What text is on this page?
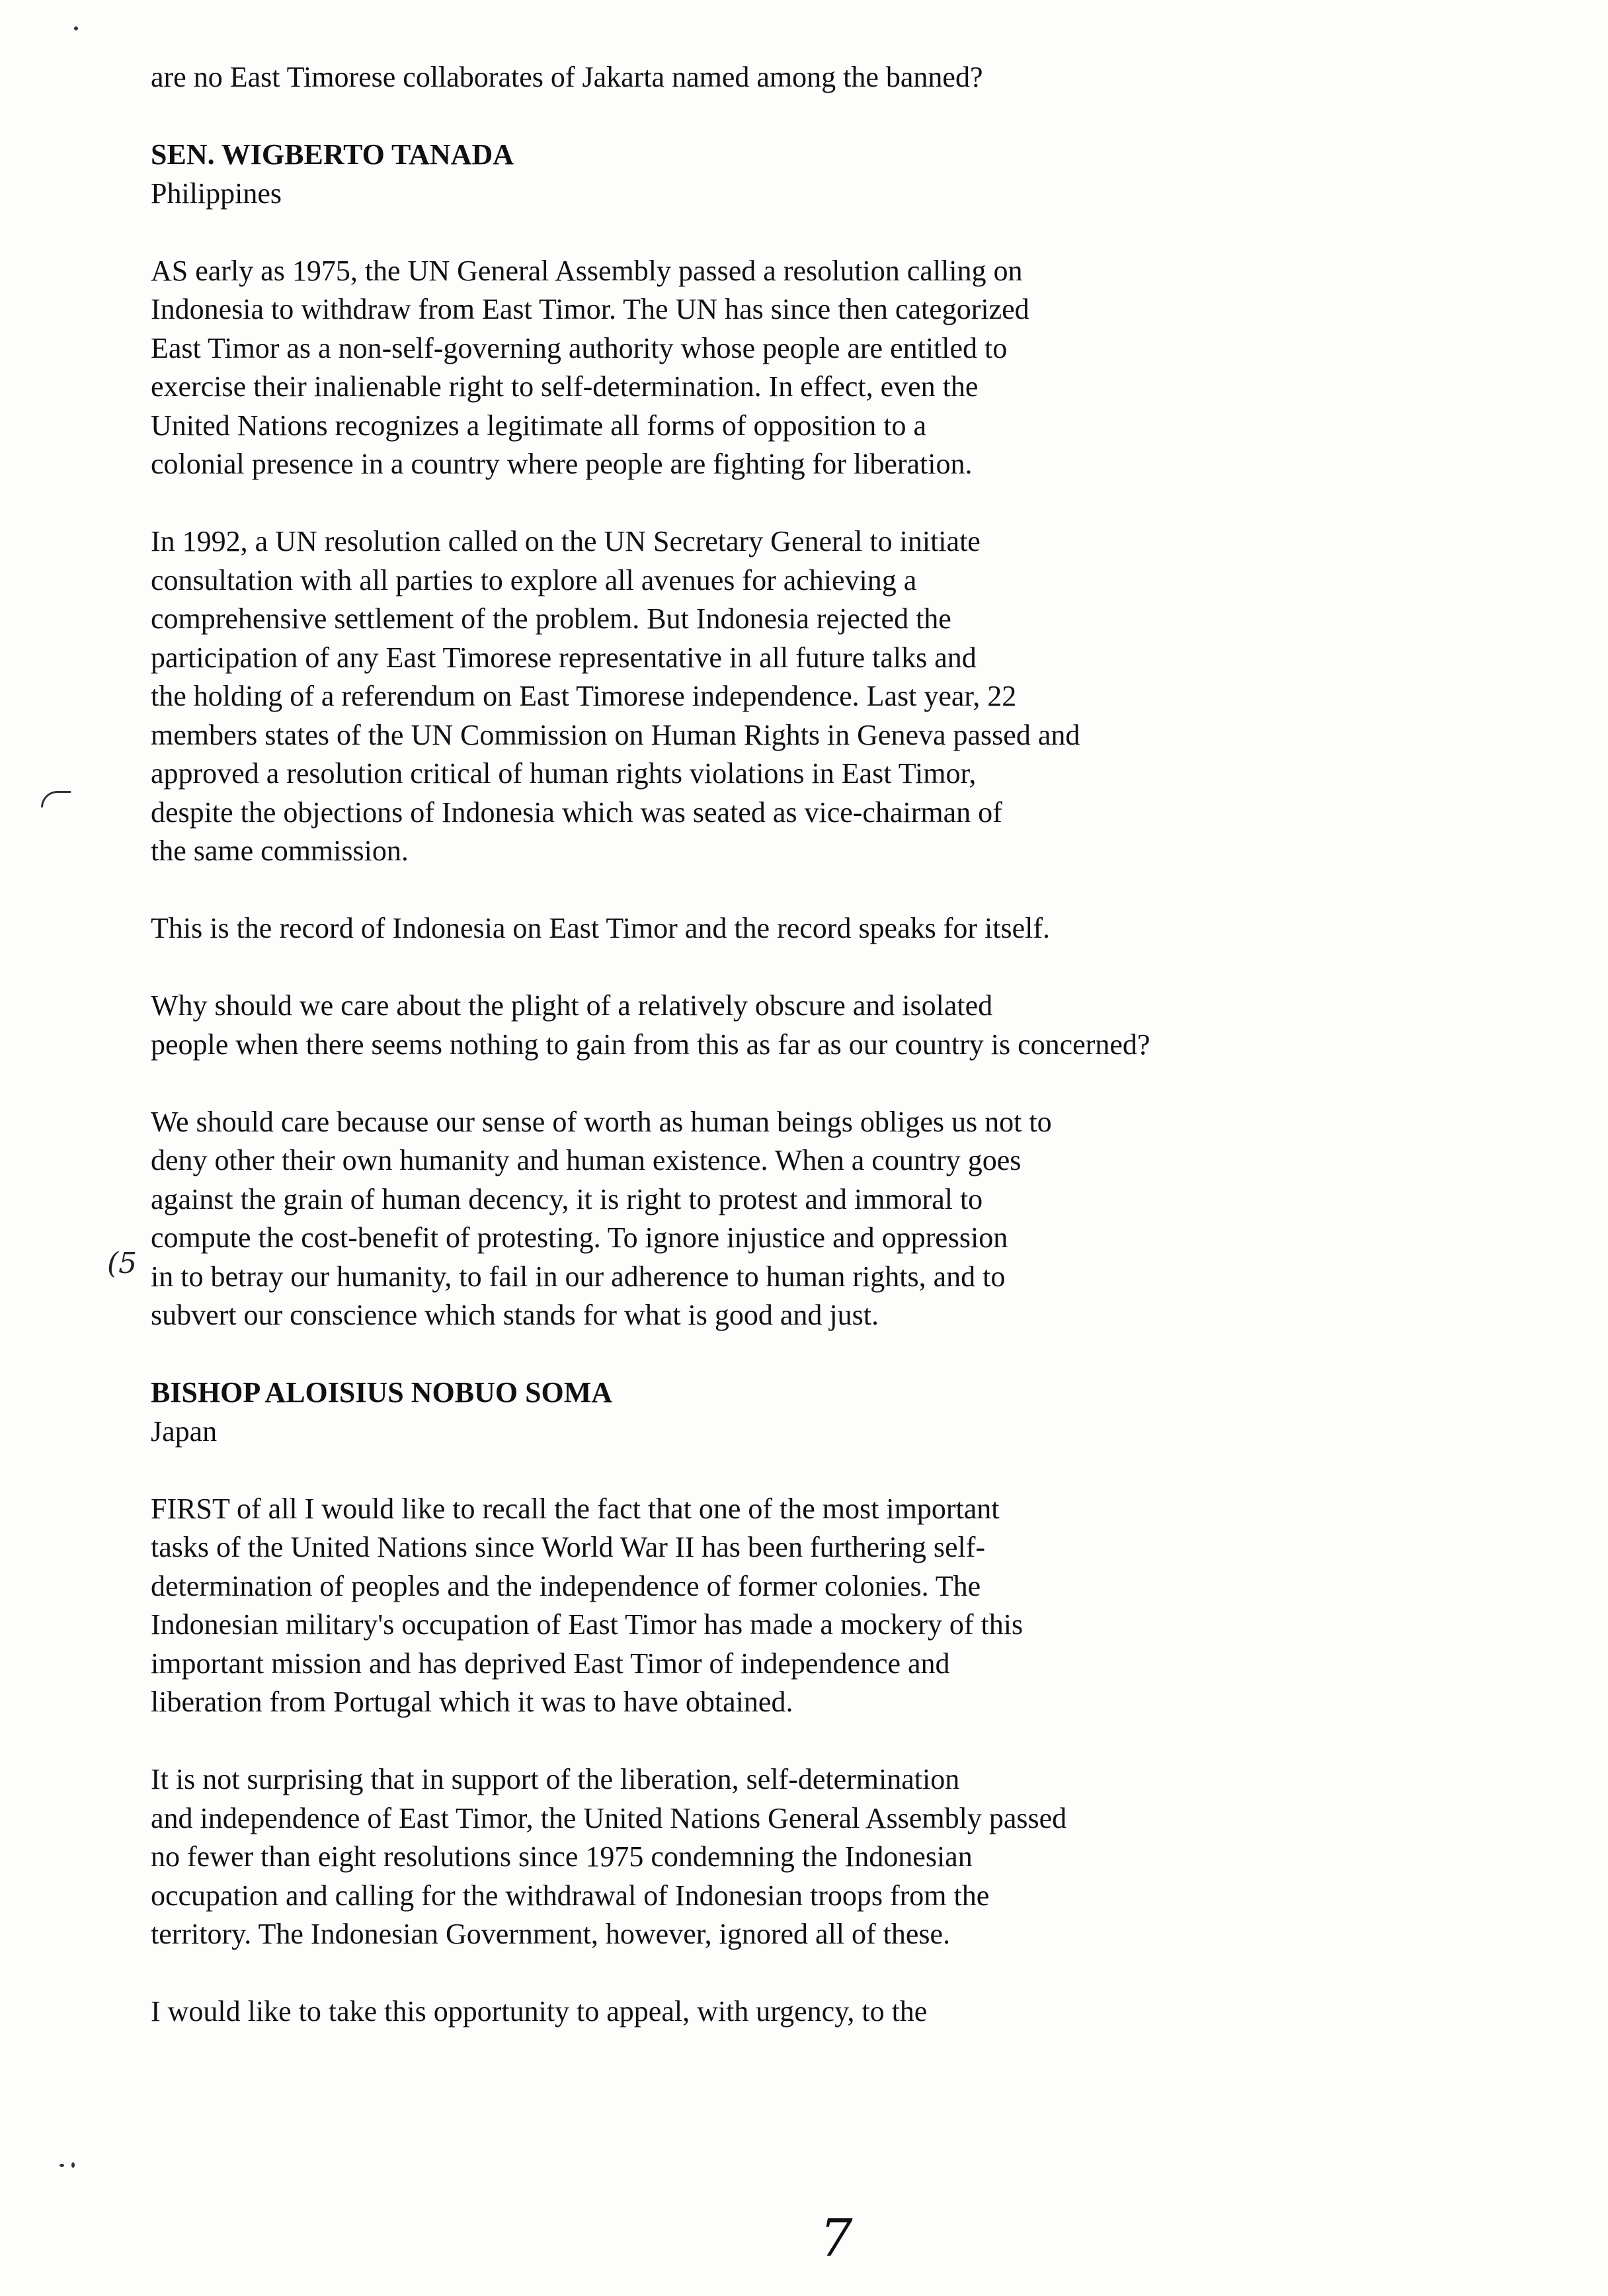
are no East Timorese collaborates of Jakarta named among the banned?
SEN. WIGBERTO TANADA
Philippines
AS early as 1975, the UN General Assembly passed a resolution calling on
Indonesia to withdraw from East Timor. The UN has since then categorized
East Timor as a non-self-governing authority whose people are entitled to
exercise their inalienable right to self-determination. In effect, even the
United Nations recognizes a legitimate all forms of opposition to a
colonial presence in a country where people are fighting for liberation.
In 1992, a UN resolution called on the UN Secretary General to initiate
consultation with all parties to explore all avenues for achieving a
comprehensive settlement of the problem. But Indonesia rejected the
participation of any East Timorese representative in all future talks and
the holding of a referendum on East Timorese independence. Last year, 22
members states of the UN Commission on Human Rights in Geneva passed and
approved a resolution critical of human rights violations in East Timor,
despite the objections of Indonesia which was seated as vice-chairman of
the same commission.
This is the record of Indonesia on East Timor and the record speaks for itself.
Why should we care about the plight of a relatively obscure and isolated
people when there seems nothing to gain from this as far as our country is concerned?
We should care because our sense of worth as human beings obliges us not to
deny other their own humanity and human existence. When a country goes
against the grain of human decency, it is right to protest and immoral to
compute the cost-benefit of protesting. To ignore injustice and oppression
in to betray our humanity, to fail in our adherence to human rights, and to
subvert our conscience which stands for what is good and just.
BISHOP ALOISIUS NOBUO SOMA
Japan
FIRST of all I would like to recall the fact that one of the most important
tasks of the United Nations since World War II has been furthering self-
determination of peoples and the independence of former colonies. The
Indonesian military's occupation of East Timor has made a mockery of this
important mission and has deprived East Timor of independence and
liberation from Portugal which it was to have obtained.
It is not surprising that in support of the liberation, self-determination
and independence of East Timor, the United Nations General Assembly passed
no fewer than eight resolutions since 1975 condemning the Indonesian
occupation and calling for the withdrawal of Indonesian troops from the
territory. The Indonesian Government, however, ignored all of these.
I would like to take this opportunity to appeal, with urgency, to the
(5
7
